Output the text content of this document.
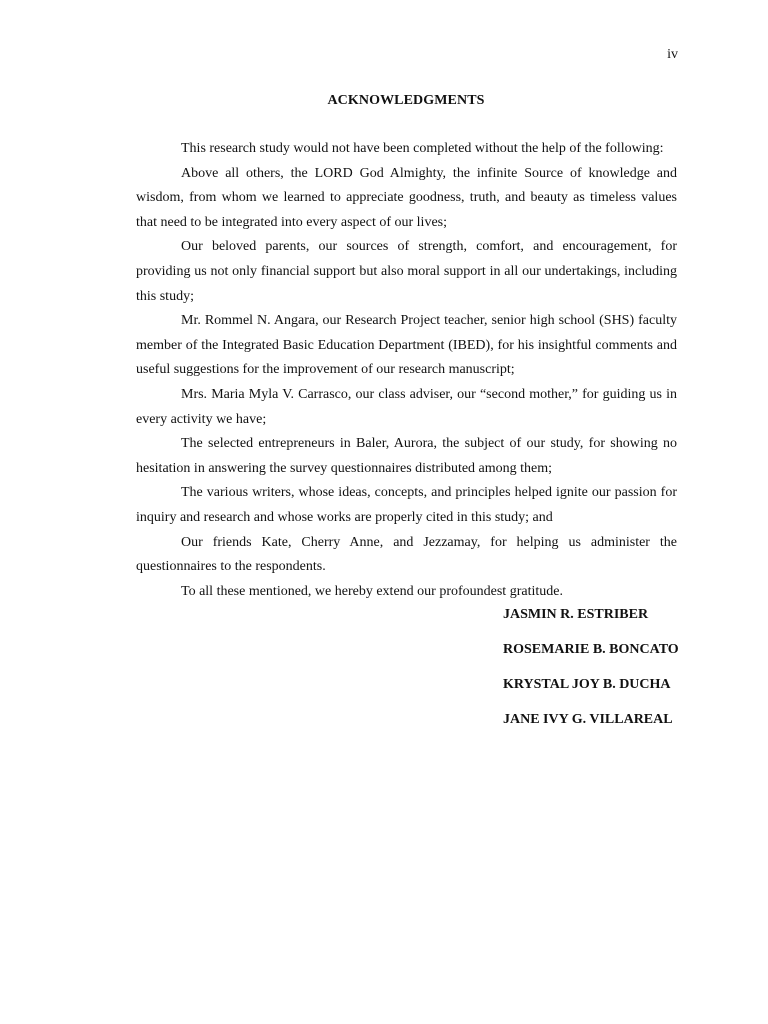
iv
ACKNOWLEDGMENTS

This research study would not have been completed without the help of the following:

Above all others, the LORD God Almighty, the infinite Source of knowledge and wisdom, from whom we learned to appreciate goodness, truth, and beauty as timeless values that need to be integrated into every aspect of our lives;

Our beloved parents, our sources of strength, comfort, and encouragement, for providing us not only financial support but also moral support in all our undertakings, including this study;

Mr. Rommel N. Angara, our Research Project teacher, senior high school (SHS) faculty member of the Integrated Basic Education Department (IBED), for his insightful comments and useful suggestions for the improvement of our research manuscript;

Mrs. Maria Myla V. Carrasco, our class adviser, our “second mother,” for guiding us in every activity we have;

The selected entrepreneurs in Baler, Aurora, the subject of our study, for showing no hesitation in answering the survey questionnaires distributed among them;

The various writers, whose ideas, concepts, and principles helped ignite our passion for inquiry and research and whose works are properly cited in this study; and

Our friends Kate, Cherry Anne, and Jezzamay, for helping us administer the questionnaires to the respondents.

To all these mentioned, we hereby extend our profoundest gratitude.

JASMIN R. ESTRIBER
ROSEMARIE B. BONCATO
KRYSTAL JOY B. DUCHA
JANE IVY G. VILLAREAL
